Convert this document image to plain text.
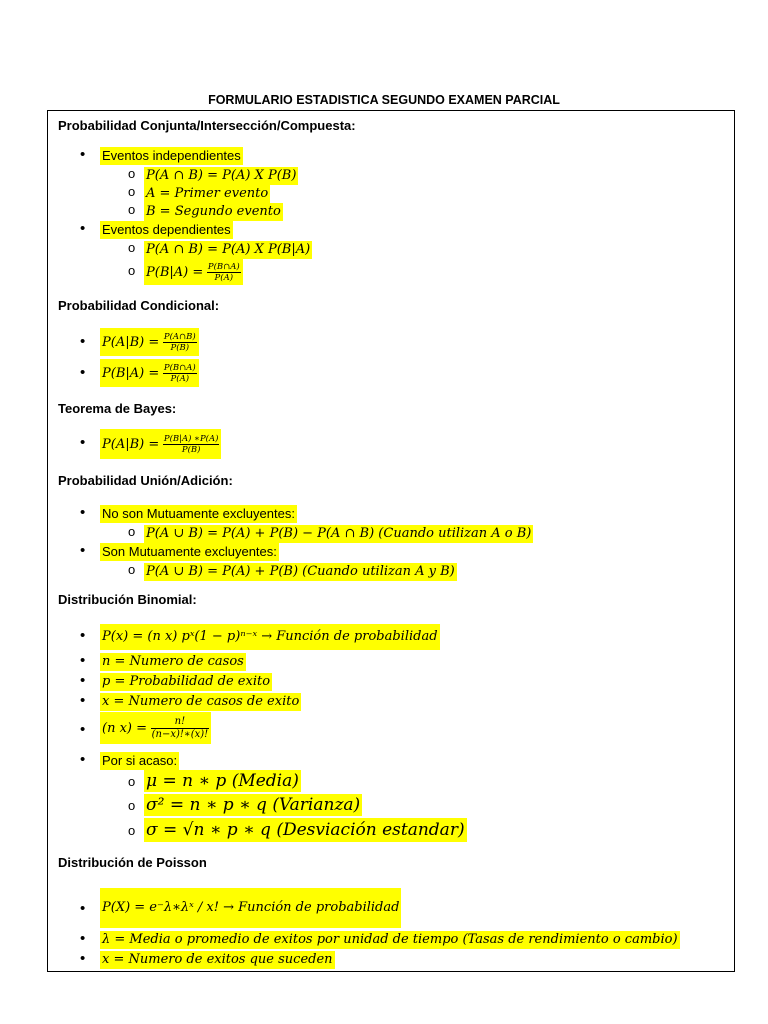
FORMULARIO ESTADISTICA SEGUNDO EXAMEN PARCIAL
Probabilidad Conjunta/Intersección/Compuesta:
•
Eventos independientes
o
P(A ∩ B) = P(A) X P(B)
o
A = Primer evento
o
B = Segundo evento
•
Eventos dependientes
o
P(A ∩ B) = P(A) X P(B|A)
o
$P(B|A) = \frac{P(B\cap A)}{P(A)}$
Probabilidad Condicional:
•
$P(A|B) = \frac{P(A\cap B)}{P(B)}$
•
$P(B|A) = \frac{P(B\cap A)}{P(A)}$
Teorema de Bayes:
•
$P(A|B) = \frac{P(B|A) ∗P(A)}{P(B)}$
Probabilidad Unión/Adición:
•
No son Mutuamente excluyentes:
o
P(A ∪ B) = P(A) + P(B) − P(A ∩ B) (Cuando utilizan A o B)
•
Son Mutuamente excluyentes:
o
P(A ∪ B) = P(A) + P(B) (Cuando utilizan A y B)
Distribución Binomial:
•
P(x) = (n x) pˣ(1 − p)ⁿ⁻ˣ → Función de probabilidad
•
n = Numero de casos
•
p = Probabilidad de exito
•
x = Numero de casos de exito
•
(n $x) = \frac{n!}{(n-x)!∗(x)!}$
•
Por si acaso:
o
μ = n ∗ p (Media)
o
σ² = n ∗ p ∗ q (Varianza)
o
σ = √n ∗ p ∗ q (Desviación estandar)
Distribución de Poisson
•
P(X) = e⁻λ∗λˣ / x! → Función de probabilidad
•
λ = Media o promedio de exitos por unidad de tiempo (Tasas de rendimiento o cambio)
•
x = Numero de exitos que suceden
